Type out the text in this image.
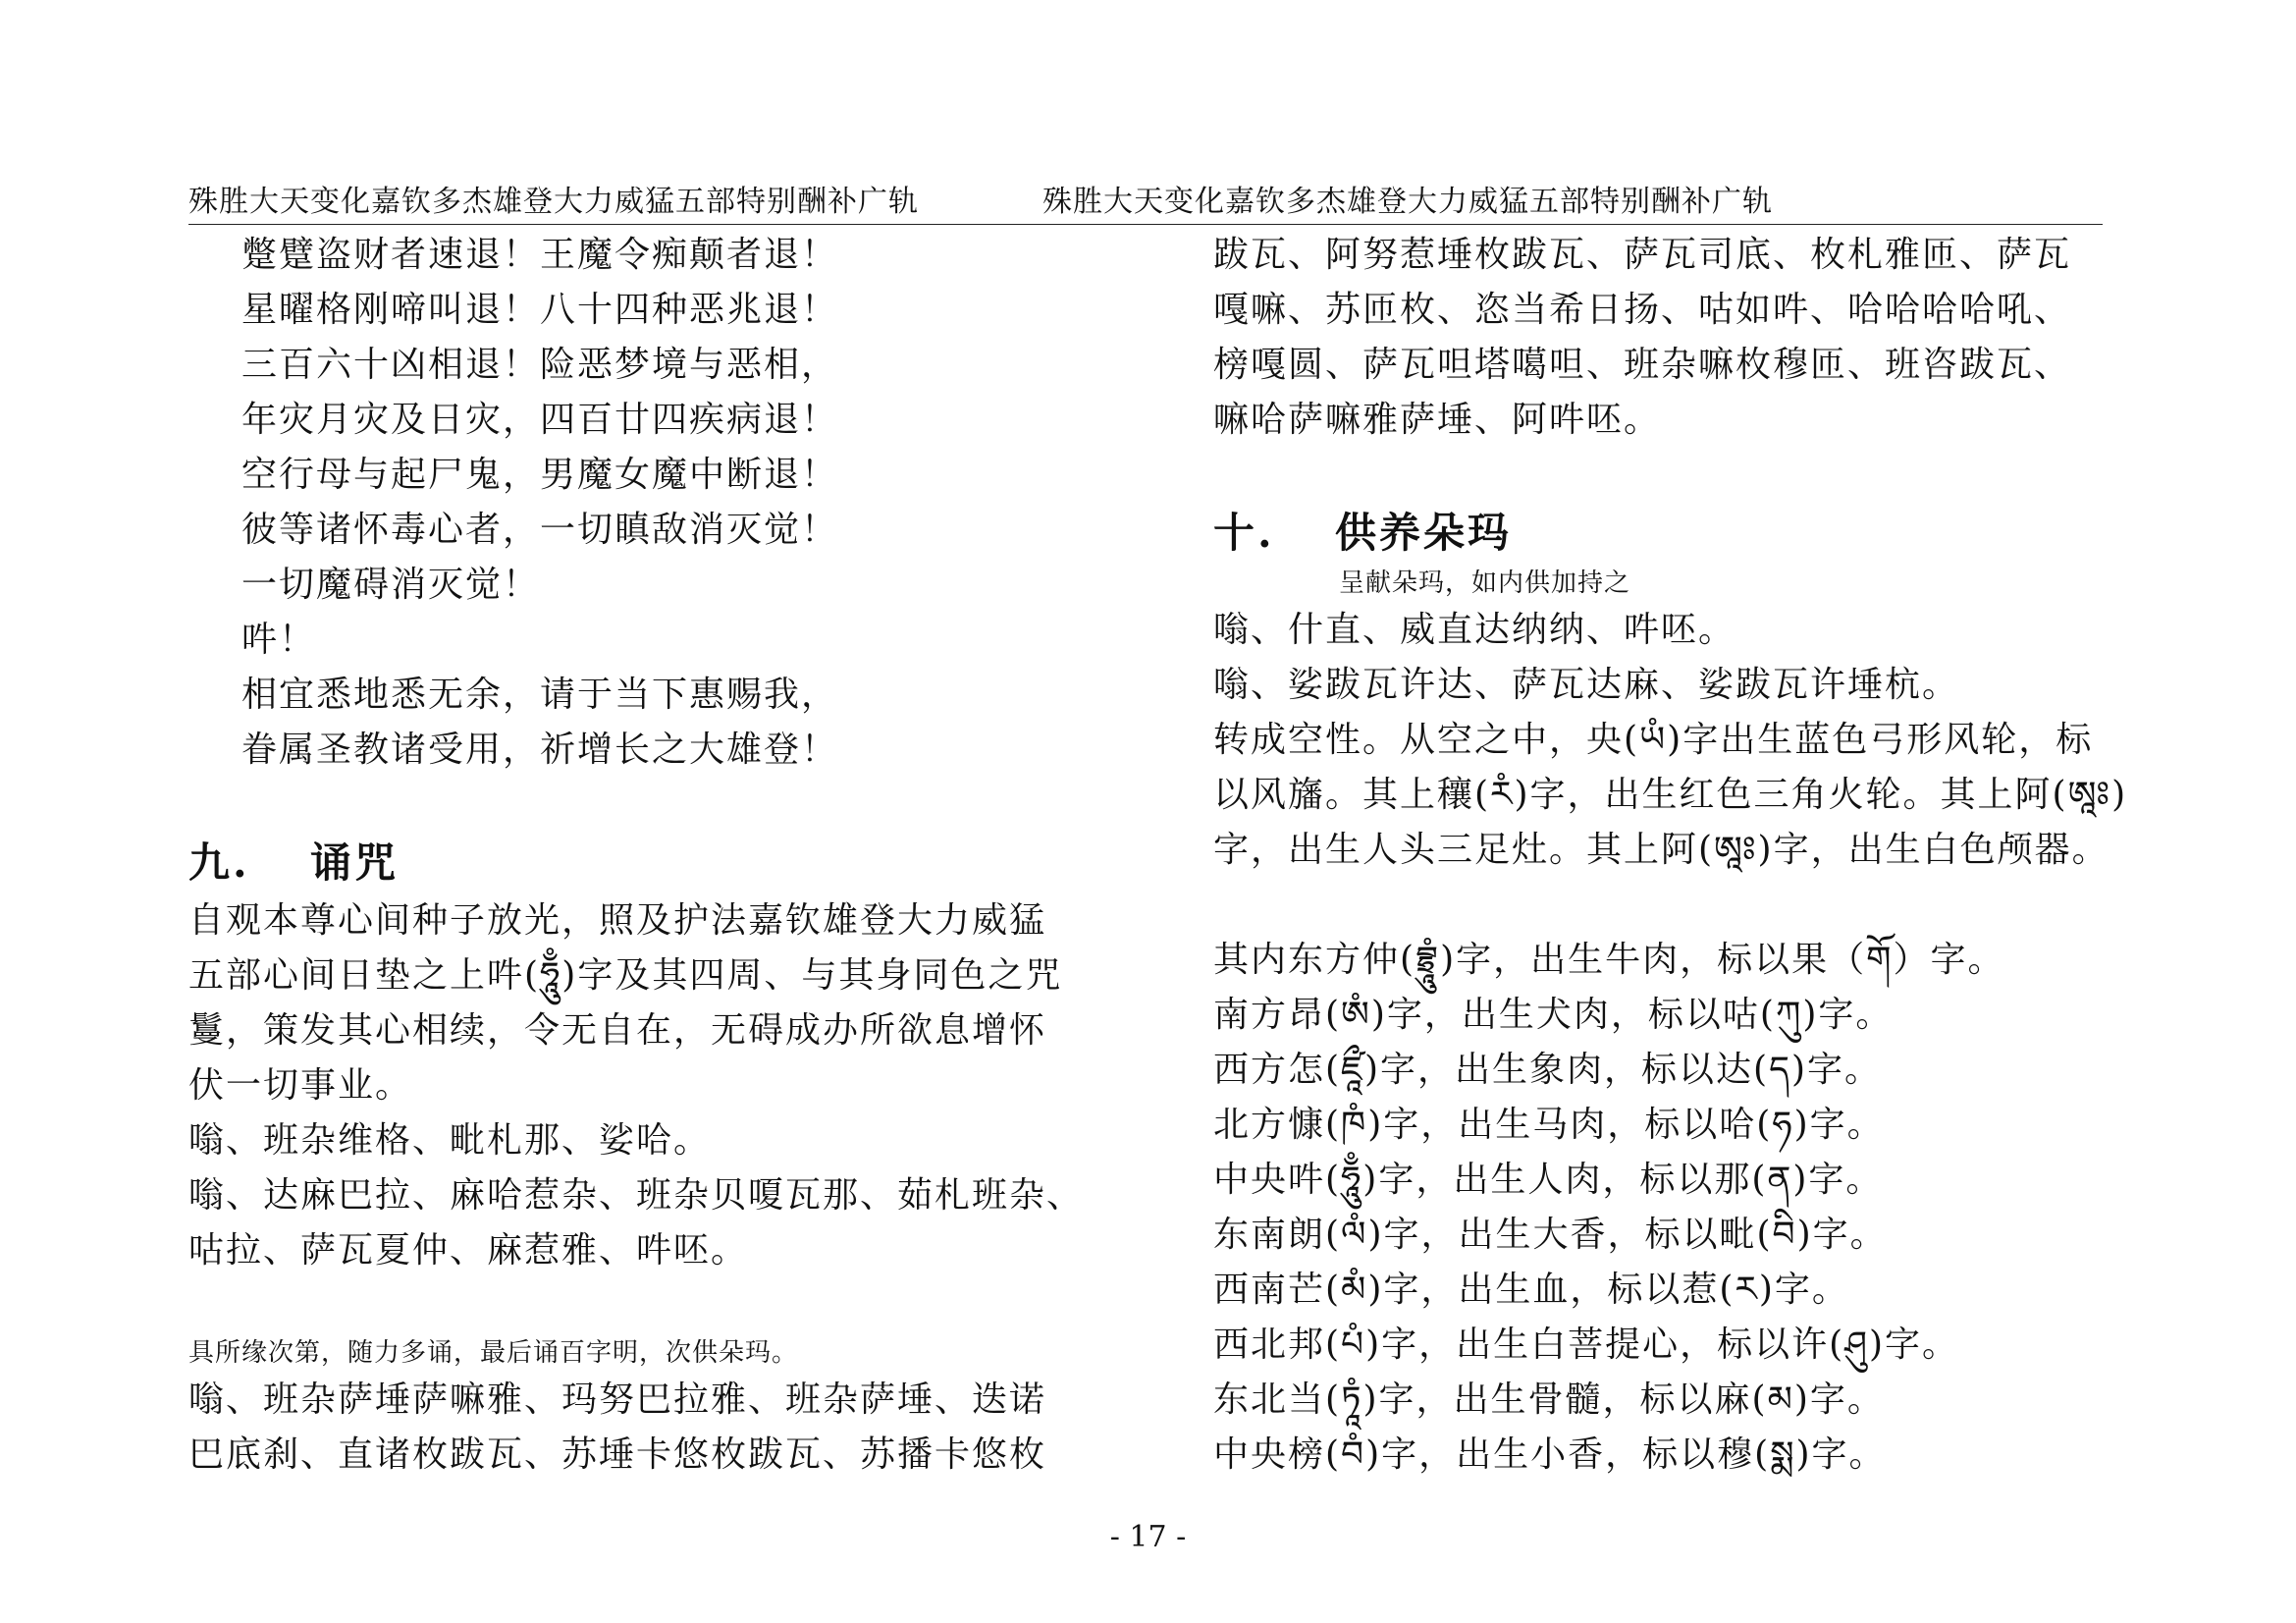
殊胜大天变化嘉钦多杰雄登大力威猛五部特别酬补广轨	殊胜大天变化嘉钦多杰雄登大力威猛五部特别酬补广轨
蹩躄盗财者速退！王魔令痴颠者退！
星曜格刚啼叫退！八十四种恶兆退！
三百六十凶相退！险恶梦境与恶相，
年灾月灾及日灾，四百廿四疾病退！
空行母与起尸鬼，男魔女魔中断退！
彼等诸怀毒心者，一切瞋敌消灭觉！
一切魔碍消灭觉！
吽！
相宜悉地悉无余，请于当下惠赐我，
眷属圣教诸受用，祈增长之大雄登！
九. 诵咒
自观本尊心间种子放光，照及护法嘉钦雄登大力威猛
五部心间日垫之上吽(ཧཱུྃ)字及其四周、与其身同色之咒
鬘，策发其心相续，令无自在，无碍成办所欲息增怀
伏一切事业。
嗡、班杂维格、毗札那、娑哈。
嗡、达麻巴拉、麻哈惹杂、班杂贝嗄瓦那、茹札班杂、
咕拉、萨瓦夏仲、麻惹雅、吽呸。
具所缘次第，随力多诵，最后诵百字明，次供朵玛。
嗡、班杂萨埵萨嘛雅、玛努巴拉雅、班杂萨埵、迭诺
巴底刹、直诸枚跋瓦、苏埵卡悠枚跋瓦、苏播卡悠枚
跋瓦、阿努惹埵枚跋瓦、萨瓦司底、枚札雅匝、萨瓦
嘎嘛、苏匝枚、恣当希日扬、咕如吽、哈哈哈哈吼、
榜嘎圆、萨瓦呾塔噶呾、班杂嘛枚穆匝、班咨跋瓦、
嘛哈萨嘛雅萨埵、阿吽呸。
十. 供养朵玛
呈献朵玛，如内供加持之
嗡、什直、威直达纳纳、吽呸。
嗡、娑跋瓦许达、萨瓦达麻、娑跋瓦许埵杭。
转成空性。从空之中，央(ཡཾ)字出生蓝色弓形风轮，标
以风旛。其上穰(རཾ)字，出生红色三角火轮。其上阿(ཨཱཿ)
字，出生人头三足灶。其上阿(ཨཱཿ)字，出生白色颅器。
其内东方仲(བྷྲཱུཾ)字，出生牛肉，标以果（གོ）字。
南方昂(ཨཾ)字，出生犬肉，标以咕(ཀུ)字。
西方怎(ཛཱྀ)字，出生象肉，标以达(ད)字。
北方慷(ཁཾ)字，出生马肉，标以哈(ཧ)字。
中央吽(ཧཱུྃ)字，出生人肉，标以那(ན)字。
东南朗(ལཾ)字，出生大香，标以毗(བི)字。
西南芒(མཾ)字，出生血，标以惹(ར)字。
西北邦(པཾ)字，出生白菩提心，标以许(ཤུ)字。
东北当(ཏཱཾ)字，出生骨髓，标以麻(མ)字。
中央榜(བཾ)字，出生小香，标以穆(སྨ)字。
- 17 -
